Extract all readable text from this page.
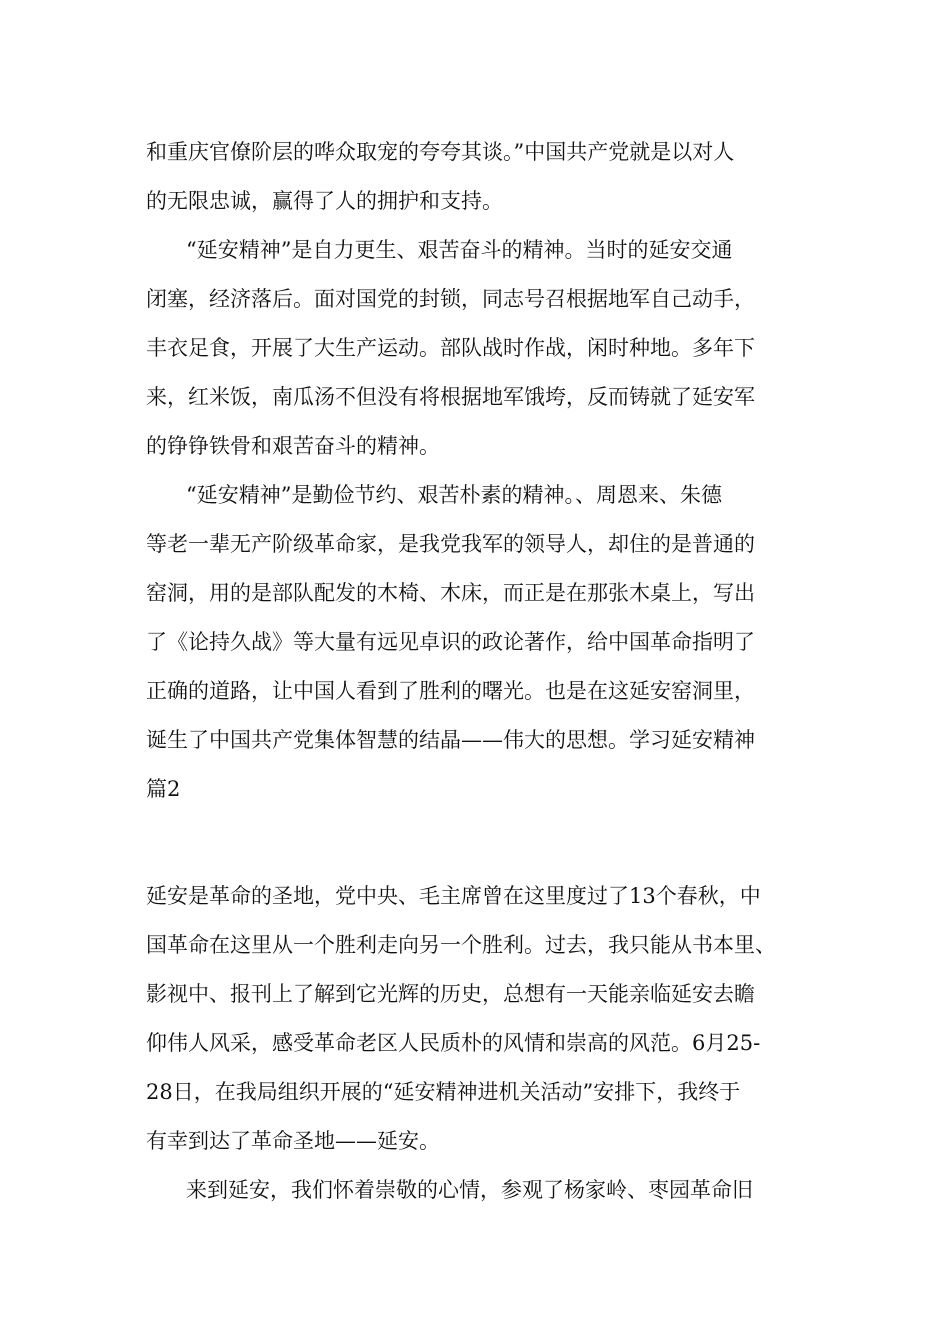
和重庆官僚阶层的哗众取宠的夸夸其谈。”中国共产党就是以对人
的无限忠诚，赢得了人的拥护和支持。
“延安精神”是自力更生、艰苦奋斗的精神。当时的延安交通
闭塞，经济落后。面对国党的封锁，同志号召根据地军自己动手，
丰衣足食，开展了大生产运动。部队战时作战，闲时种地。多年下
来，红米饭，南瓜汤不但没有将根据地军饿垮，反而铸就了延安军
的铮铮铁骨和艰苦奋斗的精神。
“延安精神”是勤俭节约、艰苦朴素的精神。、周恩来、朱德
等老一辈无产阶级革命家，是我党我军的领导人，却住的是普通的
窑洞，用的是部队配发的木椅、木床，而正是在那张木桌上，写出
了《论持久战》等大量有远见卓识的政论著作，给中国革命指明了
正确的道路，让中国人看到了胜利的曙光。也是在这延安窑洞里，
诞生了中国共产党集体智慧的结晶——伟大的思想。学习延安精神
篇2
延安是革命的圣地，党中央、毛主席曾在这里度过了13个春秋，中
国革命在这里从一个胜利走向另一个胜利。过去，我只能从书本里、
影视中、报刊上了解到它光辉的历史，总想有一天能亲临延安去瞻
仰伟人风采，感受革命老区人民质朴的风情和崇高的风范。6月25-
28日，在我局组织开展的“延安精神进机关活动”安排下，我终于
有幸到达了革命圣地——延安。
来到延安，我们怀着崇敬的心情，参观了杨家岭、枣园革命旧
